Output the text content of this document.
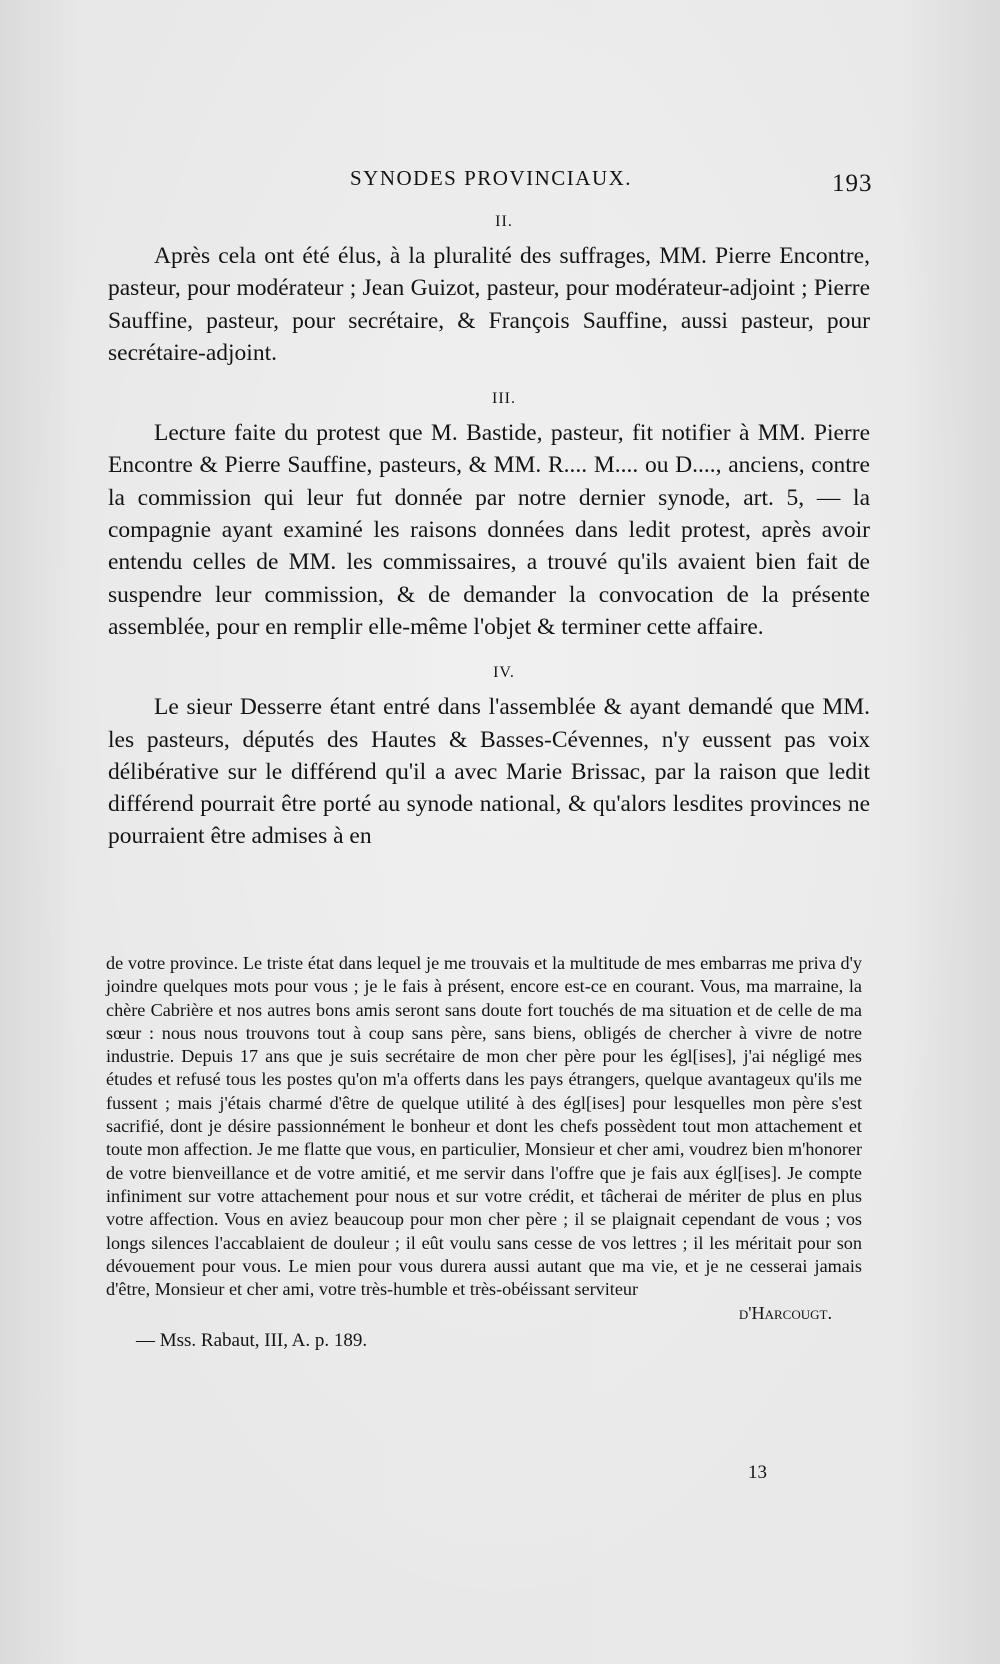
SYNODES PROVINCIAUX.	193
II.

Après cela ont été élus, à la pluralité des suffrages, MM. Pierre Encontre, pasteur, pour modérateur ; Jean Guizot, pasteur, pour modérateur-adjoint ; Pierre Sauffine, pasteur, pour secrétaire, & François Sauffine, aussi pasteur, pour secrétaire-adjoint.

III.

Lecture faite du protest que M. Bastide, pasteur, fit notifier à MM. Pierre Encontre & Pierre Sauffine, pasteurs, & MM. R.... M.... ou D...., anciens, contre la commission qui leur fut donnée par notre dernier synode, art. 5, — la compagnie ayant examiné les raisons données dans ledit protest, après avoir entendu celles de MM. les commissaires, a trouvé qu'ils avaient bien fait de suspendre leur commission, & de demander la convocation de la présente assemblée, pour en remplir elle-même l'objet & terminer cette affaire.

IV.

Le sieur Desserre étant entré dans l'assemblée & ayant demandé que MM. les pasteurs, députés des Hautes & Basses-Cévennes, n'y eussent pas voix délibérative sur le différend qu'il a avec Marie Brissac, par la raison que ledit différend pourrait être porté au synode national, & qu'alors lesdites provinces ne pourraient être admises à en

de votre province. Le triste état dans lequel je me trouvais et la multitude de mes embarras me priva d'y joindre quelques mots pour vous ; je le fais à présent, encore est-ce en courant. Vous, ma marraine, la chère Cabrière et nos autres bons amis seront sans doute fort touchés de ma situation et de celle de ma sœur : nous nous trouvons tout à coup sans père, sans biens, obligés de chercher à vivre de notre industrie. Depuis 17 ans que je suis secrétaire de mon cher père pour les égl[ises], j'ai négligé mes études et refusé tous les postes qu'on m'a offerts dans les pays étrangers, quelque avantageux qu'ils me fussent ; mais j'étais charmé d'être de quelque utilité à des égl[ises] pour lesquelles mon père s'est sacrifié, dont je désire passionnément le bonheur et dont les chefs possèdent tout mon attachement et toute mon affection. Je me flatte que vous, en particulier, Monsieur et cher ami, voudrez bien m'honorer de votre bienveillance et de votre amitié, et me servir dans l'offre que je fais aux égl[ises]. Je compte infiniment sur votre attachement pour nous et sur votre crédit, et tâcherai de mériter de plus en plus votre affection. Vous en aviez beaucoup pour mon cher père ; il se plaignait cependant de vous ; vos longs silences l'accablaient de douleur ; il eût voulu sans cesse de vos lettres ; il les méritait pour son dévouement pour vous. Le mien pour vous durera aussi autant que ma vie, et je ne cesserai jamais d'être, Monsieur et cher ami, votre très-humble et très-obéissant serviteur

d'Harcougt.
— Mss. Rabaut, III, A. p. 189.
13
